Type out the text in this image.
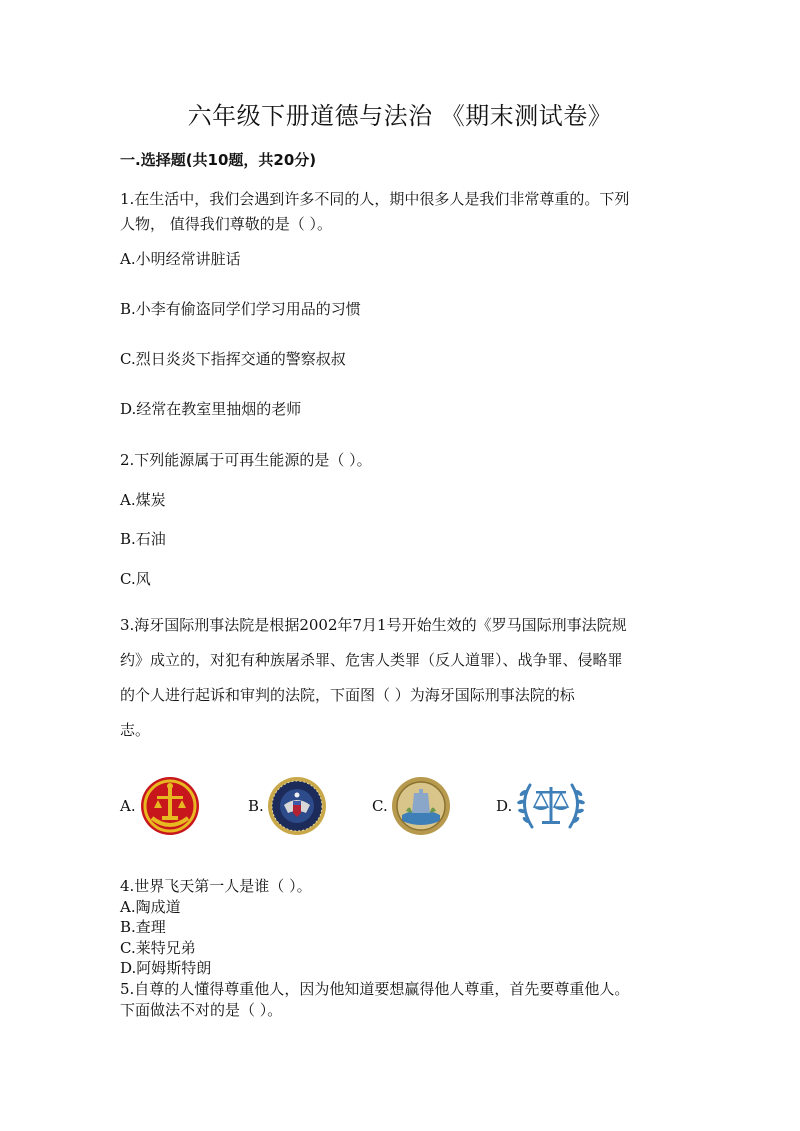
六年级下册道德与法治 《期末测试卷》
一.选择题(共10题，共20分)
1.在生活中，我们会遇到许多不同的人，期中很多人是我们非常尊重的。下列
人物， 值得我们尊敬的是（ ）。
A.小明经常讲脏话
B.小李有偷盗同学们学习用品的习惯
C.烈日炎炎下指挥交通的警察叔叔
D.经常在教室里抽烟的老师
2.下列能源属于可再生能源的是（ ）。
A.煤炭
B.石油
C.风
3.海牙国际刑事法院是根据2002年7月1号开始生效的《罗马国际刑事法院规
约》成立的，对犯有种族屠杀罪、危害人类罪（反人道罪）、战争罪、侵略罪
的个人进行起诉和审判的法院，下面图（ ）为海牙国际刑事法院的标
志。
A.	B.	C.	D.
4.世界飞天第一人是谁（ ）。
A.陶成道
B.查理
C.莱特兄弟
D.阿姆斯特朗
5.自尊的人懂得尊重他人，因为他知道要想赢得他人尊重，首先要尊重他人。
下面做法不对的是（ ）。
